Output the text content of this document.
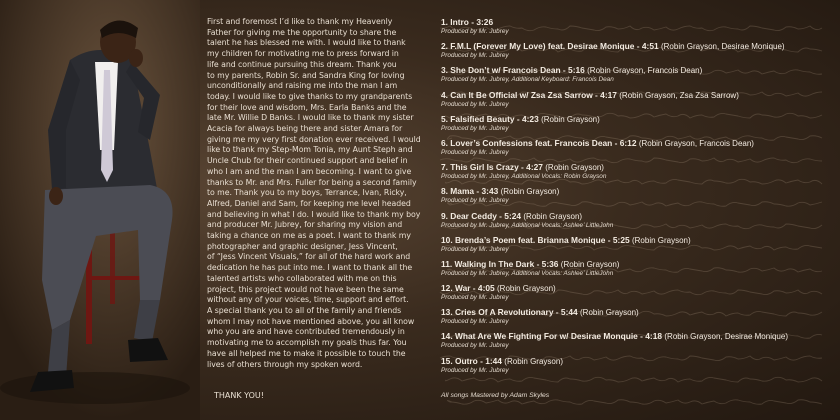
First and foremost I’d like to thank my Heavenly
Father for giving me the opportunity to share the
talent he has blessed me with. I would like to thank
my children for motivating me to press forward in
life and continue pursuing this dream. Thank you
to my parents, Robin Sr. and Sandra King for loving
unconditionally and raising me into the man I am
today. I would like to give thanks to my grandparents
for their love and wisdom, Mrs. Earla Banks and the
late Mr. Willie D Banks. I would like to thank my sister
Acacia for always being there and sister Amara for
giving me my very first donation ever received. I would
like to thank my Step-Mom Tonia, my Aunt Steph and
Uncle Chub for their continued support and belief in
who I am and the man I am becoming. I want to give
thanks to Mr. and Mrs. Fuller for being a second family
to me. Thank you to my boys, Terrance, Ivan, Ricky,
Alfred, Daniel and Sam, for keeping me level headed
and believing in what I do. I would like to thank my boy
and producer Mr. Jubrey, for sharing my vision and
taking a chance on me as a poet. I want to thank my
photographer and graphic designer, Jess Vincent,
of “Jess Vincent Visuals,” for all of the hard work and
dedication he has put into me. I want to thank all the
talented artists who collaborated with me on this
project, this project would not have been the same
without any of your voices, time, support and effort.
A special thank you to all of the family and friends
whom I may not have mentioned above, you all know
who you are and have contributed tremendously in
motivating me to accomplish my goals thus far. You
have all helped me to make it possible to touch the
lives of others through my spoken word.
THANK YOU!
1. Intro - 3:26
Produced by Mr. Jubrey
2. F.M.L (Forever My Love) feat. Desirae Monique - 4:51 (Robin Grayson, Desirae Monique)
Produced by Mr. Jubrey
3. She Don’t w/ Francois Dean - 5:16 (Robin Grayson, Francois Dean)
Produced by Mr. Jubrey, Additional Keyboard: Francois Dean
4. Can It Be Official w/ Zsa Zsa Sarrow - 4:17 (Robin Grayson, Zsa Zsa Sarrow)
Produced by Mr. Jubrey
5. Falsified Beauty - 4:23 (Robin Grayson)
Produced by Mr. Jubrey
6. Lover’s Confessions feat. Francois Dean - 6:12 (Robin Grayson, Francois Dean)
Produced by Mr. Jubrey
7. This Girl Is Crazy - 4:27 (Robin Grayson)
Produced by Mr. Jubrey, Additional Vocals: Robin Grayson
8. Mama - 3:43 (Robin Grayson)
Produced by Mr. Jubrey
9. Dear Ceddy - 5:24 (Robin Grayson)
Produced by Mr. Jubrey, Additional Vocals: Ashlee’ LittleJohn
10. Brenda’s Poem feat. Brianna Monique - 5:25 (Robin Grayson)
Produced by Mr. Jubrey
11. Walking In The Dark - 5:36 (Robin Grayson)
Produced by Mr. Jubrey, Additional Vocals: Ashlee’ LittleJohn
12. War - 4:05 (Robin Grayson)
Produced by Mr. Jubrey
13. Cries Of A Revolutionary - 5:44 (Robin Grayson)
Produced by Mr. Jubrey
14. What Are We Fighting For w/ Desirae Monquie - 4:18 (Robin Grayson, Desirae Monique)
Produced by Mr. Jubrey
15. Outro - 1:44 (Robin Grayson)
Produced by Mr. Jubrey
All songs Mastered by Adam Skyles
